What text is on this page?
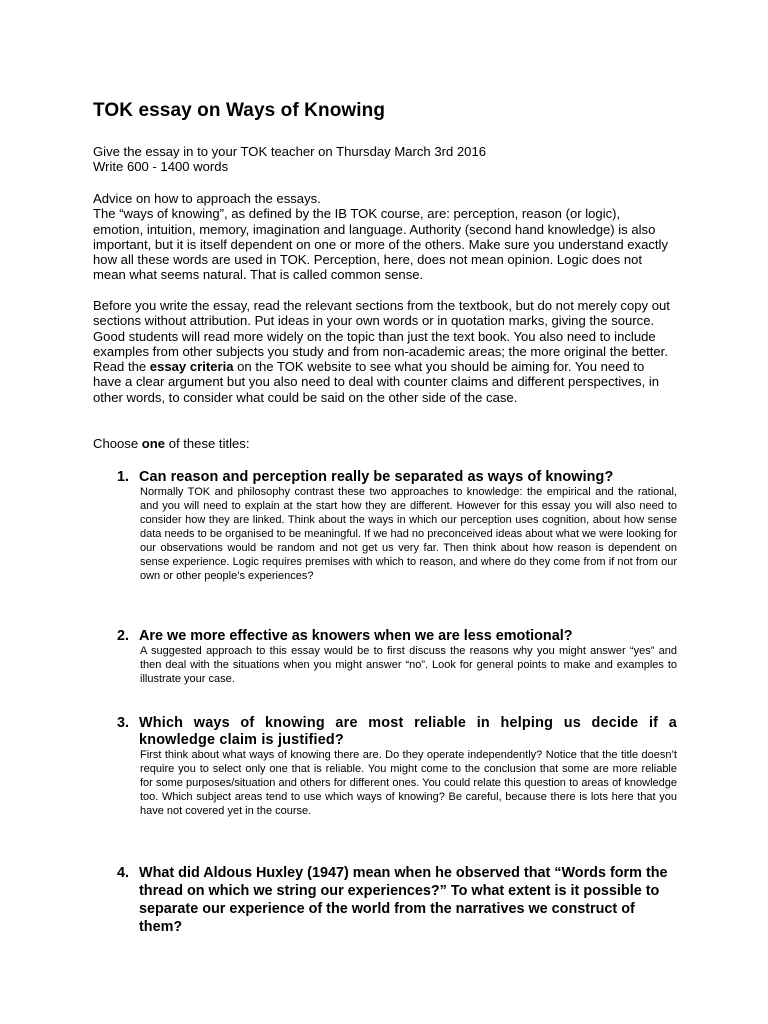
TOK essay on Ways of Knowing

Give the essay in to your TOK teacher on Thursday March 3rd 2016

Write 600 - 1400 words

Advice on how to approach the essays.

The “ways of knowing”, as defined by the IB TOK course, are: perception, reason (or logic), emotion, intuition, memory, imagination and language. Authority (second hand knowledge) is also important, but it is itself dependent on one or more of the others. Make sure you understand exactly how all these words are used in TOK. Perception, here, does not mean opinion. Logic does not mean what seems natural. That is called common sense.

Before you write the essay, read the relevant sections from the textbook, but do not merely copy out sections without attribution. Put ideas in your own words or in quotation marks, giving the source. Good students will read more widely on the topic than just the text book. You also need to include examples from other subjects you study and from non-academic areas; the more original the better. Read the essay criteria on the TOK website to see what you should be aiming for. You need to have a clear argument but you also need to deal with counter claims and different perspectives, in other words, to consider what could be said on the other side of the case.

Choose one of these titles:

1. Can reason and perception really be separated as ways of knowing?
Normally TOK and philosophy contrast these two approaches to knowledge: the empirical and the rational, and you will need to explain at the start how they are different. However for this essay you will also need to consider how they are linked. Think about the ways in which our perception uses cognition, about how sense data needs to be organised to be meaningful. If we had no preconceived ideas about what we were looking for our observations would be random and not get us very far. Then think about how reason is dependent on sense experience. Logic requires premises with which to reason, and where do they come from if not from our own or other people’s experiences?
2. Are we more effective as knowers when we are less emotional?
A suggested approach to this essay would be to first discuss the reasons why you might answer “yes” and then deal with the situations when you might answer “no”. Look for general points to make and examples to illustrate your case.
3. Which ways of knowing are most reliable in helping us decide if a knowledge claim is justified?
First think about what ways of knowing there are. Do they operate independently? Notice that the title doesn’t require you to select only one that is reliable. You might come to the conclusion that some are more reliable for some purposes/situation and others for different ones. You could relate this question to areas of knowledge too. Which subject areas tend to use which ways of knowing? Be careful, because there is lots here that you have not covered yet in the course.
4. What did Aldous Huxley (1947) mean when he observed that “Words form the thread on which we string our experiences?” To what extent is it possible to separate our experience of the world from the narratives we construct of them?
